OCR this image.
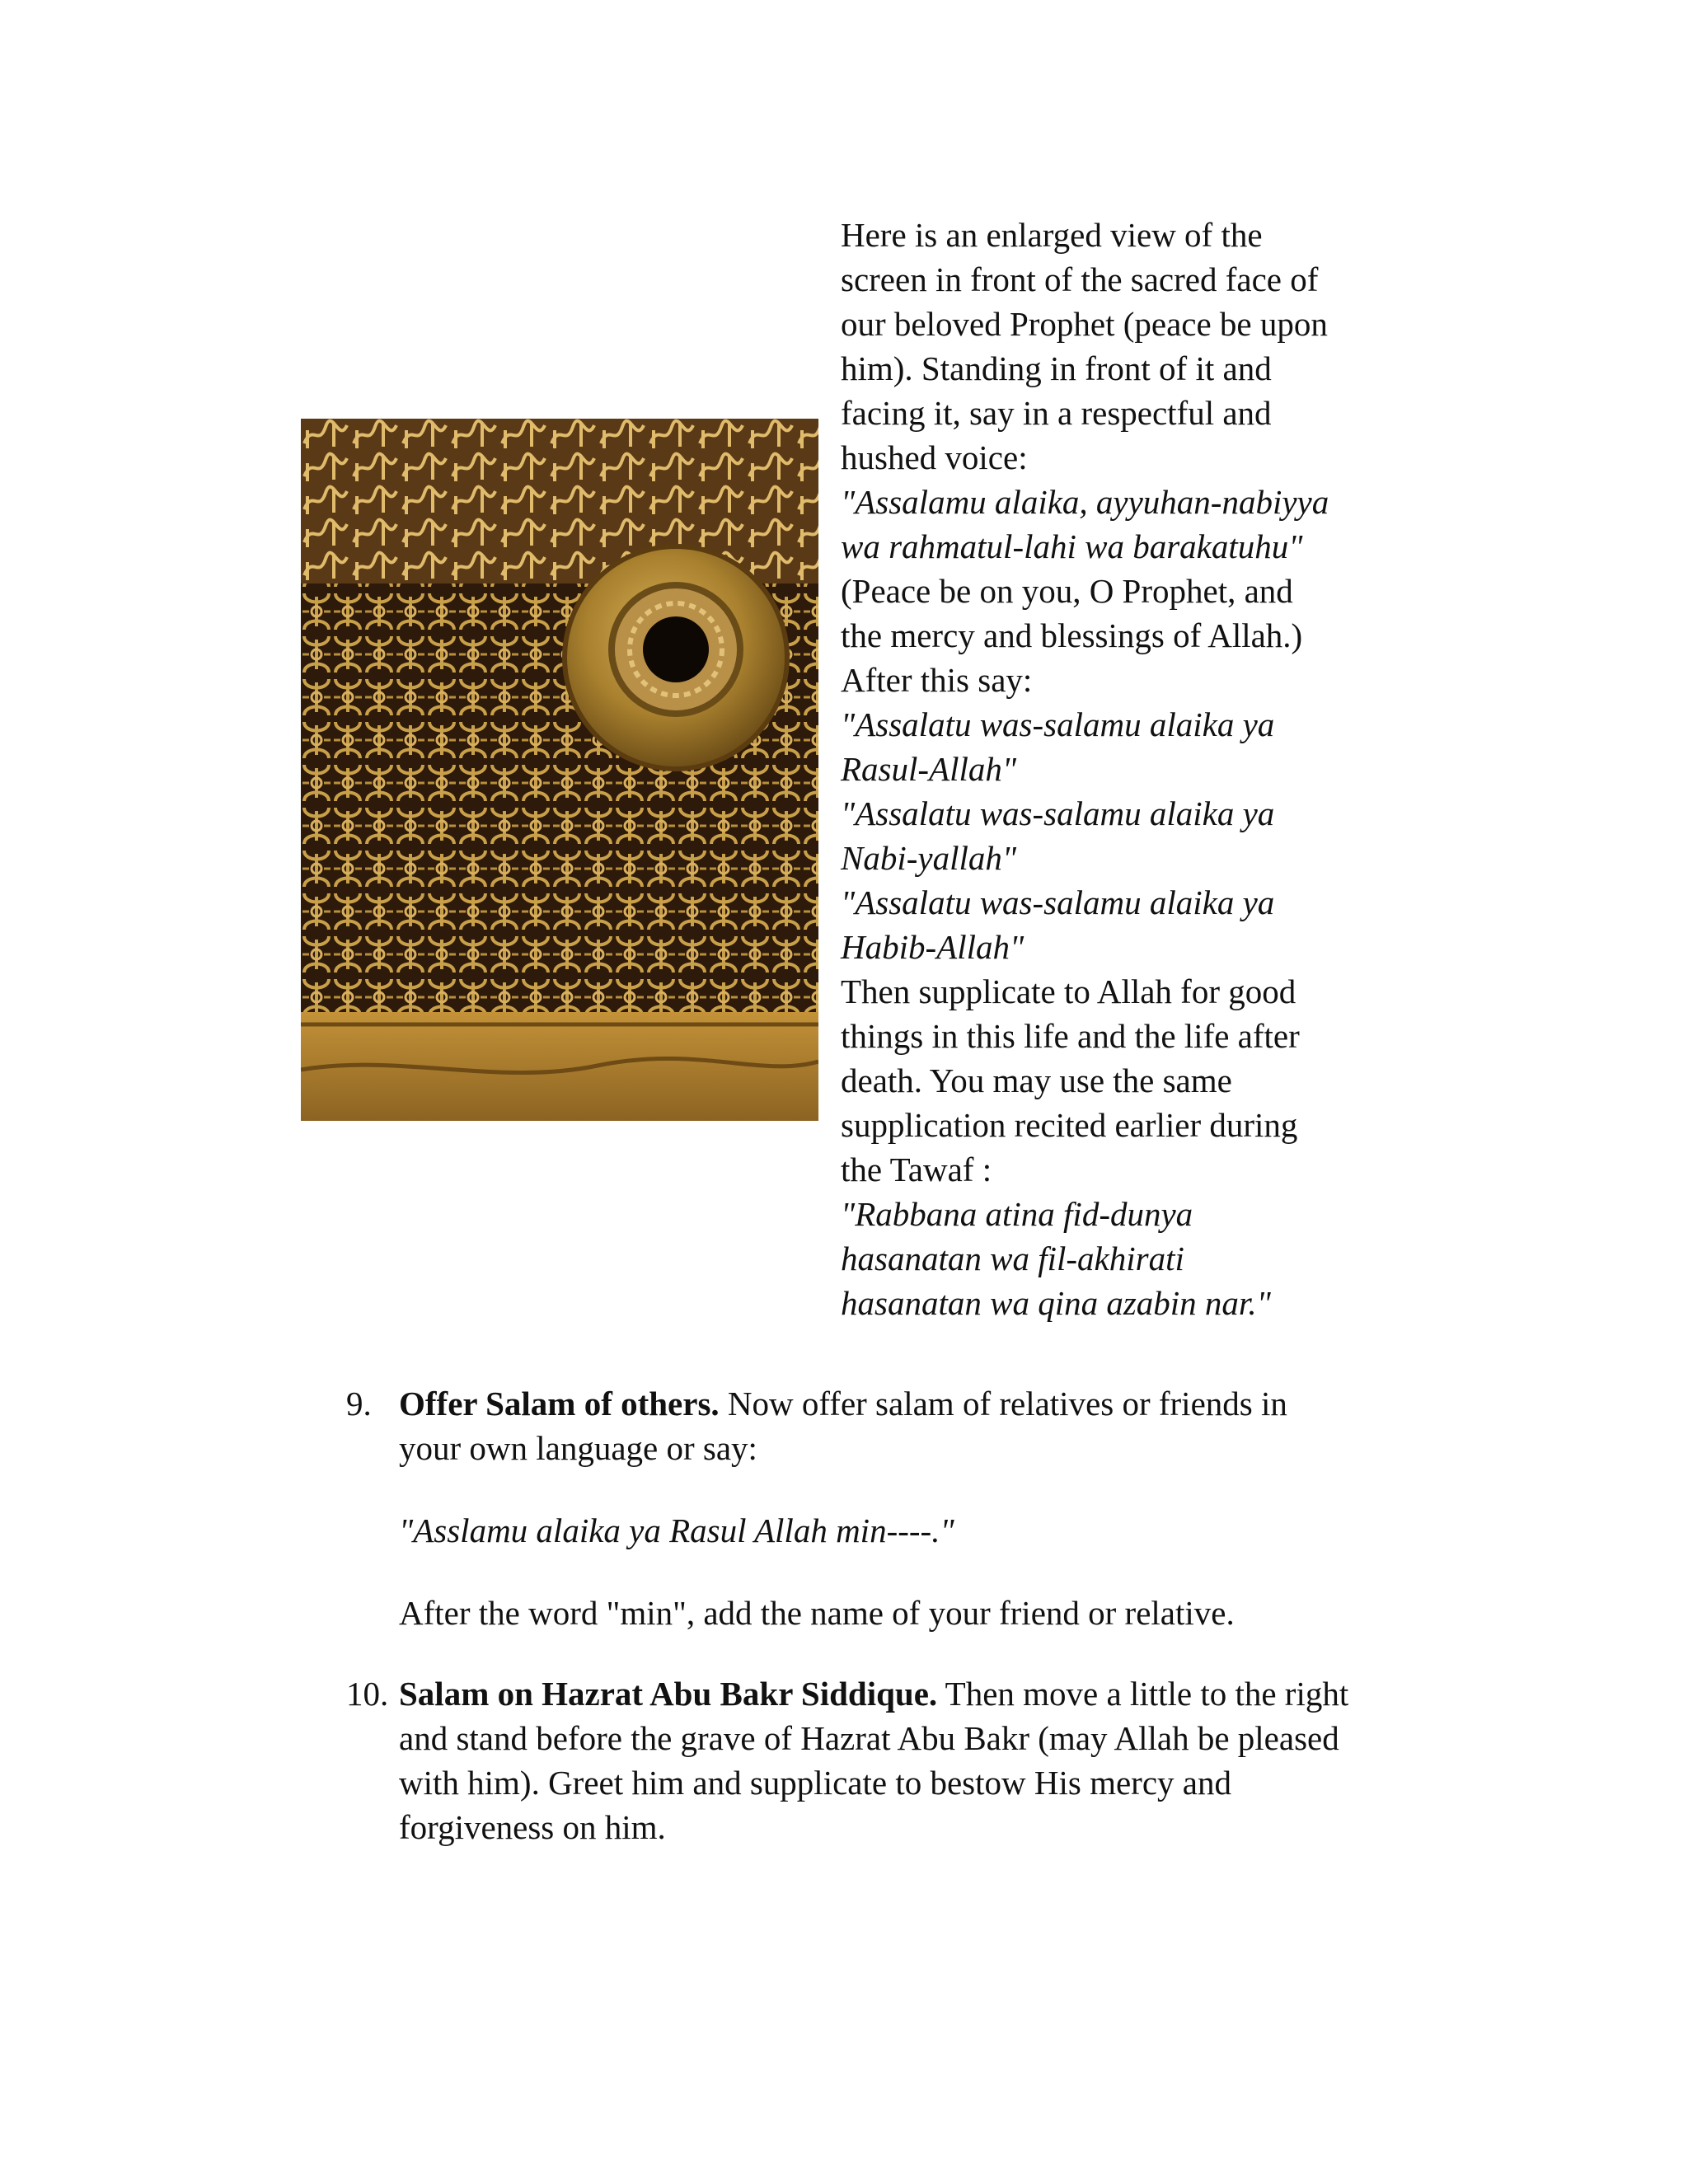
Here is an enlarged view of the
screen in front of the sacred face of
our beloved Prophet (peace be upon
him). Standing in front of it and
facing it, say in a respectful and
hushed voice:
"Assalamu alaika, ayyuhan-nabiyya
wa rahmatul-lahi wa barakatuhu"
(Peace be on you, O Prophet, and
the mercy and blessings of Allah.)
After this say:
"Assalatu was-salamu alaika ya
Rasul-Allah"
"Assalatu was-salamu alaika ya
Nabi-yallah"
"Assalatu was-salamu alaika ya
Habib-Allah"
Then supplicate to Allah for good
things in this life and the life after
death. You may use the same
supplication recited earlier during
the Tawaf :
"Rabbana atina fid-dunya
hasanatan wa fil-akhirati
hasanatan wa qina azabin nar."
9. Offer Salam of others. Now offer salam of relatives or friends in
your own language or say:

"Asslamu alaika ya Rasul Allah min----."

After the word "min", add the name of your friend or relative.

10. Salam on Hazrat Abu Bakr Siddique. Then move a little to the right
and stand before the grave of Hazrat Abu Bakr (may Allah be pleased
with him). Greet him and supplicate to bestow His mercy and
forgiveness on him.
